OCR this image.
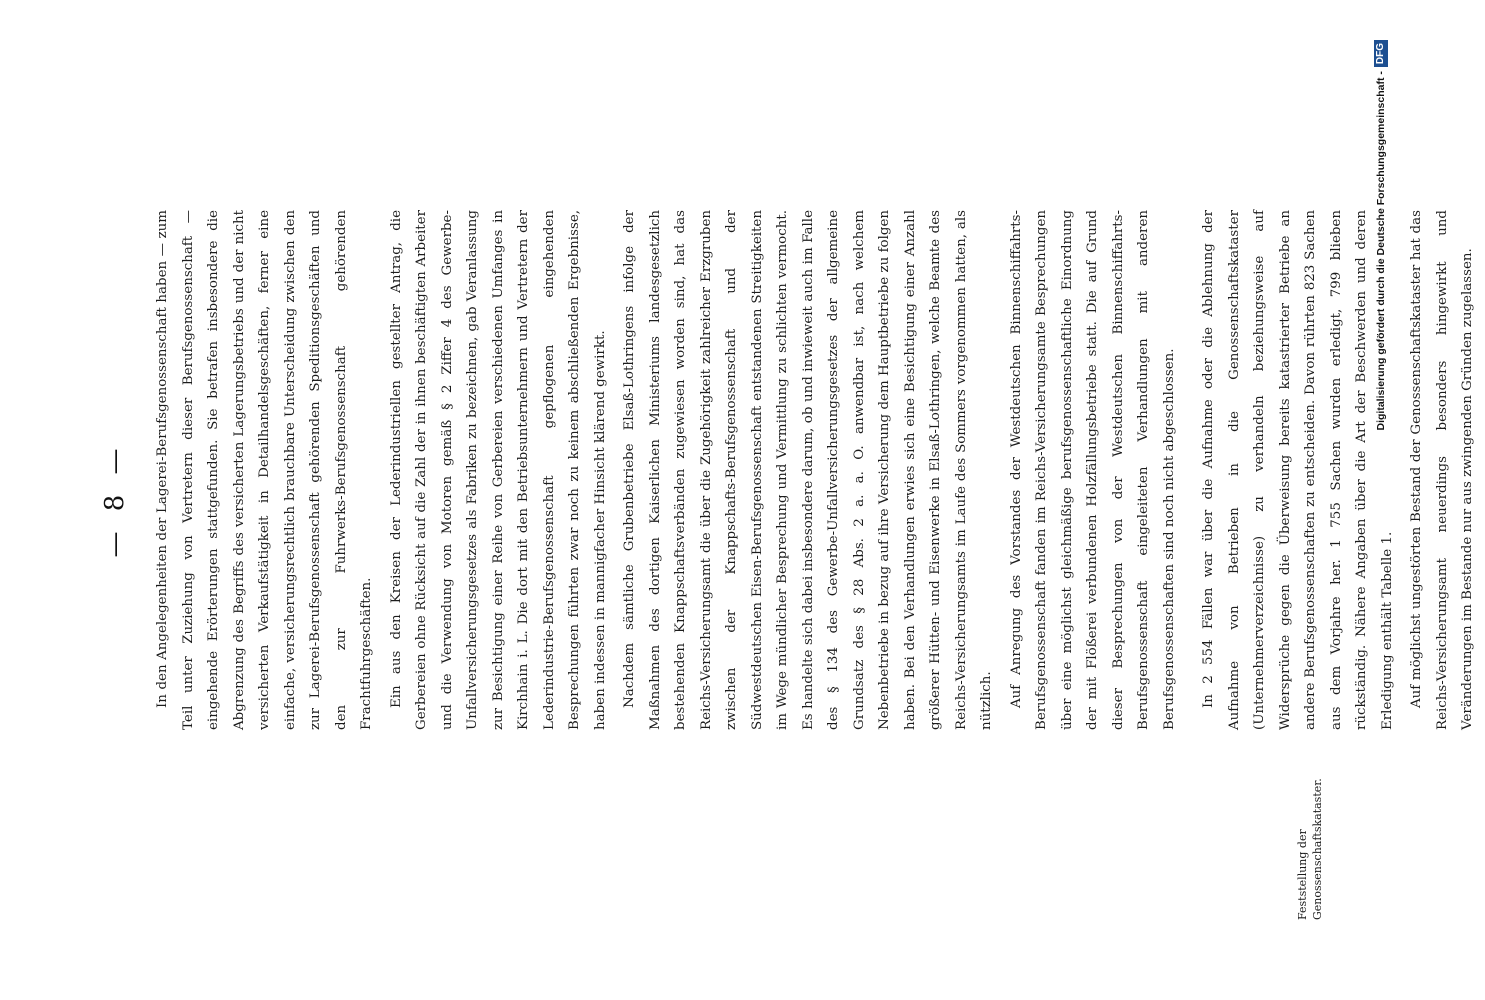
— 8 —	In den Angelegenheiten der Lagerei-Berufsgenossenschaft haben — zum Teil unter Zuziehung von Vertretern dieser Berufsgenossenschaft — eingehende Erörterungen stattgefunden. Sie betrafen insbesondere die Abgrenzung des Begriffs des versicherten Lagerungsbetriebs und der nicht versicherten Verkaufstätigkeit in Detailhandelsgeschäften, ferner eine einfache, versicherungsrechtlich brauchbare Unterscheidung zwischen den zur Lagerei-Berufsgenossenschaft gehörenden Speditionsgeschäften und den zur Fuhrwerks-Berufsgenossenschaft gehörenden Frachtfuhrgeschäften.	Ein aus den Kreisen der Lederindustriellen gestellter Antrag, die Gerbereien ohne Rücksicht auf die Zahl der in ihnen beschäftigten Arbeiter und die Verwendung von Motoren gemäß § 2 Ziffer 4 des Gewerbe-Unfallversicherungsgesetzes als Fabriken zu bezeichnen, gab Veranlassung zur Besichtigung einer Reihe von Gerbereien verschiedenen Umfanges in Kirchhain i. L. Die dort mit den Betriebsunternehmern und Vertretern der Lederindustrie-Berufsgenossenschaft gepflogenen eingehenden Besprechungen führten zwar noch zu keinem abschließenden Ergebnisse, haben indessen in mannigfacher Hinsicht klärend gewirkt.	Nachdem sämtliche Grubenbetriebe Elsaß-Lothringens infolge der Maßnahmen des dortigen Kaiserlichen Ministeriums landesgesetzlich bestehenden Knappschaftsverbänden zugewiesen worden sind, hat das Reichs-Versicherungsamt die über die Zugehörigkeit zahlreicher Erzgruben zwischen der Knappschafts-Berufsgenossenschaft und der Südwestdeutschen Eisen-Berufsgenossenschaft entstandenen Streitigkeiten im Wege mündlicher Besprechung und Vermittlung zu schlichten vermocht. Es handelte sich dabei insbesondere darum, ob und inwieweit auch im Falle des § 134 des Gewerbe-Unfallversicherungsgesetzes der allgemeine Grundsatz des § 28 Abs. 2 a. a. O. anwendbar ist, nach welchem Nebenbetriebe in bezug auf ihre Versicherung dem Hauptbetriebe zu folgen haben. Bei den Verhandlungen erwies sich eine Besichtigung einer Anzahl größerer Hütten- und Eisenwerke in Elsaß-Lothringen, welche Beamte des Reichs-Versicherungsamts im Laufe des Sommers vorgenommen hatten, als nützlich.	Auf Anregung des Vorstandes der Westdeutschen Binnenschiffahrts-Berufsgenossenschaft fanden im Reichs-Versicherungsamte Besprechungen über eine möglichst gleichmäßige berufsgenossenschaftliche Einordnung der mit Flößerei verbundenen Holzfällungsbetriebe statt. Die auf Grund dieser Besprechungen von der Westdeutschen Binnenschiffahrts-Berufsgenossenschaft eingeleiteten Verhandlungen mit anderen Berufsgenossenschaften sind noch nicht abgeschlossen.	In 2 554 Fällen war über die Aufnahme oder die Ablehnung der Aufnahme von Betrieben in die Genossenschaftskataster (Unternehmerverzeichnisse) zu verhandeln beziehungsweise auf Widersprüche gegen die Überweisung bereits katastrierter Betriebe an andere Berufsgenossenschaften zu entscheiden. Davon rührten 823 Sachen aus dem Vorjahre her. 1 755 Sachen wurden erledigt, 799 blieben rückständig. Nähere Angaben über die Art der Beschwerden und deren Erledigung enthält Tabelle 1.	Auf möglichst ungestörten Bestand der Genossenschaftskataster hat das Reichs-Versicherungsamt neuerdings besonders hingewirkt und Veränderungen im Bestande nur aus zwingenden Gründen zugelassen.

Feststellung der Genossenschaftskataster.
Digitalisierung gefördert durch die Deutsche Forschungsgemeinschaft -DFG
